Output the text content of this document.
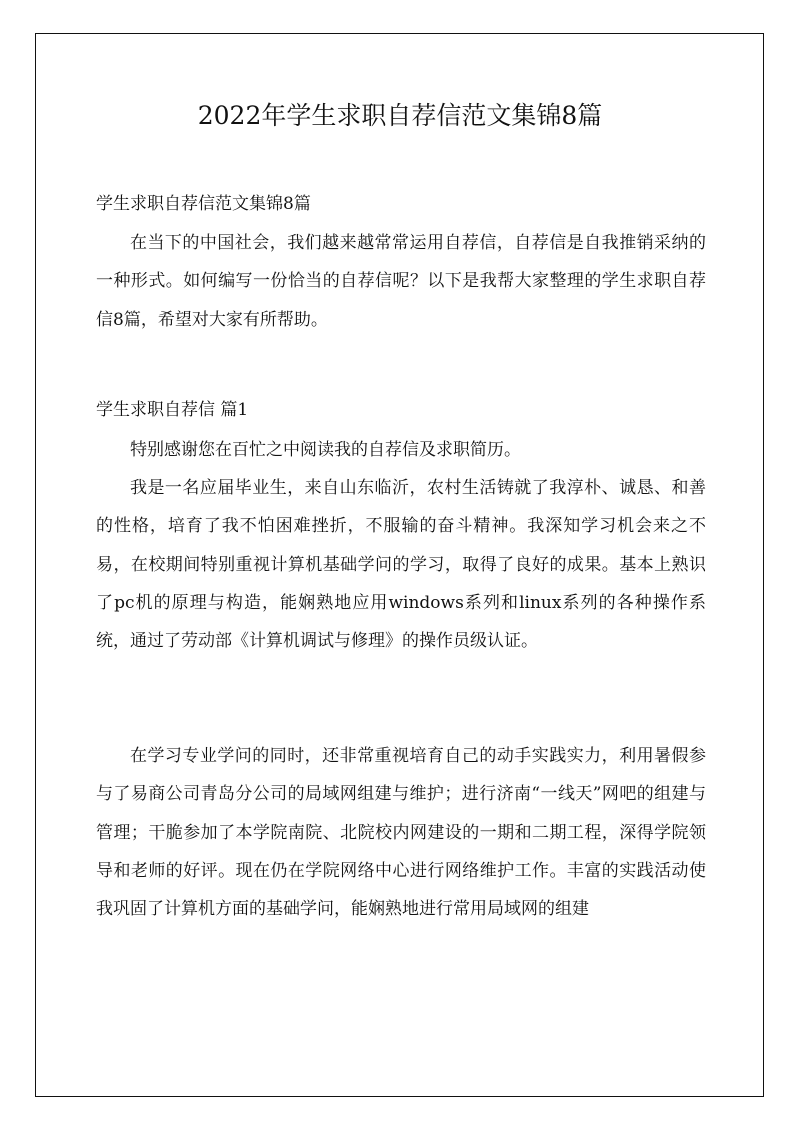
2022年学生求职自荐信范文集锦8篇

学生求职自荐信范文集锦8篇

在当下的中国社会，我们越来越常常运用自荐信，自荐信是自我推销采纳的一种形式。如何编写一份恰当的自荐信呢？以下是我帮大家整理的学生求职自荐信8篇，希望对大家有所帮助。

学生求职自荐信 篇1

特别感谢您在百忙之中阅读我的自荐信及求职简历。

我是一名应届毕业生，来自山东临沂，农村生活铸就了我淳朴、诚恳、和善的性格，培育了我不怕困难挫折，不服输的奋斗精神。我深知学习机会来之不易，在校期间特别重视计算机基础学问的学习，取得了良好的成果。基本上熟识了pc机的原理与构造，能娴熟地应用windows系列和linux系列的各种操作系统，通过了劳动部《计算机调试与修理》的操作员级认证。

在学习专业学问的同时，还非常重视培育自己的动手实践实力，利用暑假参与了易商公司青岛分公司的局域网组建与维护；进行济南“一线天”网吧的组建与管理；干脆参加了本学院南院、北院校内网建设的一期和二期工程，深得学院领导和老师的好评。现在仍在学院网络中心进行网络维护工作。丰富的实践活动使我巩固了计算机方面的基础学问，能娴熟地进行常用局域网的组建
